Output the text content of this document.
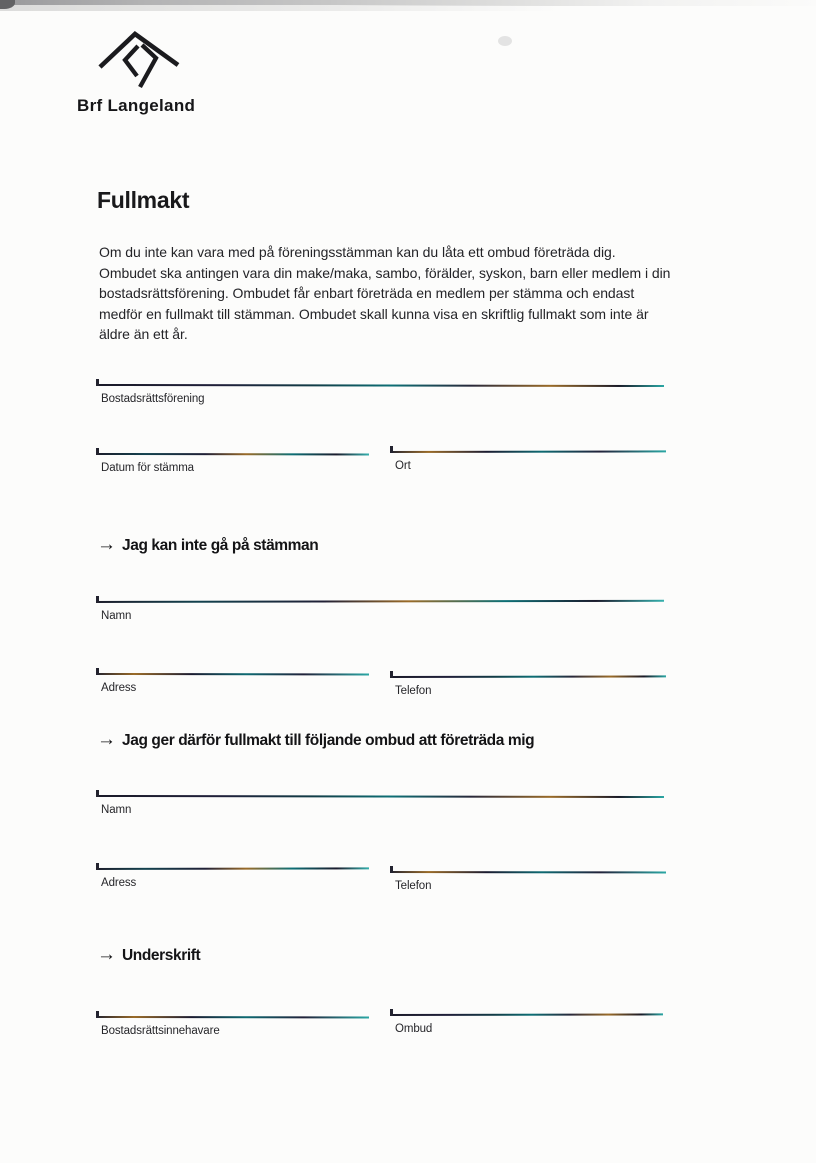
Brf Langeland
Fullmakt
Om du inte kan vara med på föreningsstämman kan du låta ett ombud företräda dig.
Ombudet ska antingen vara din make/maka, sambo, förälder, syskon, barn eller medlem i din
bostadsrättsförening. Ombudet får enbart företräda en medlem per stämma och endast
medför en fullmakt till stämman. Ombudet skall kunna visa en skriftlig fullmakt som inte är
äldre än ett år.
Bostadsrättsförening
Datum för stämma	Ort
→ Jag kan inte gå på stämman
Namn
Adress	Telefon
→ Jag ger därför fullmakt till följande ombud att företräda mig
Namn
Adress	Telefon
→ Underskrift
Bostadsrättsinnehavare	Ombud
